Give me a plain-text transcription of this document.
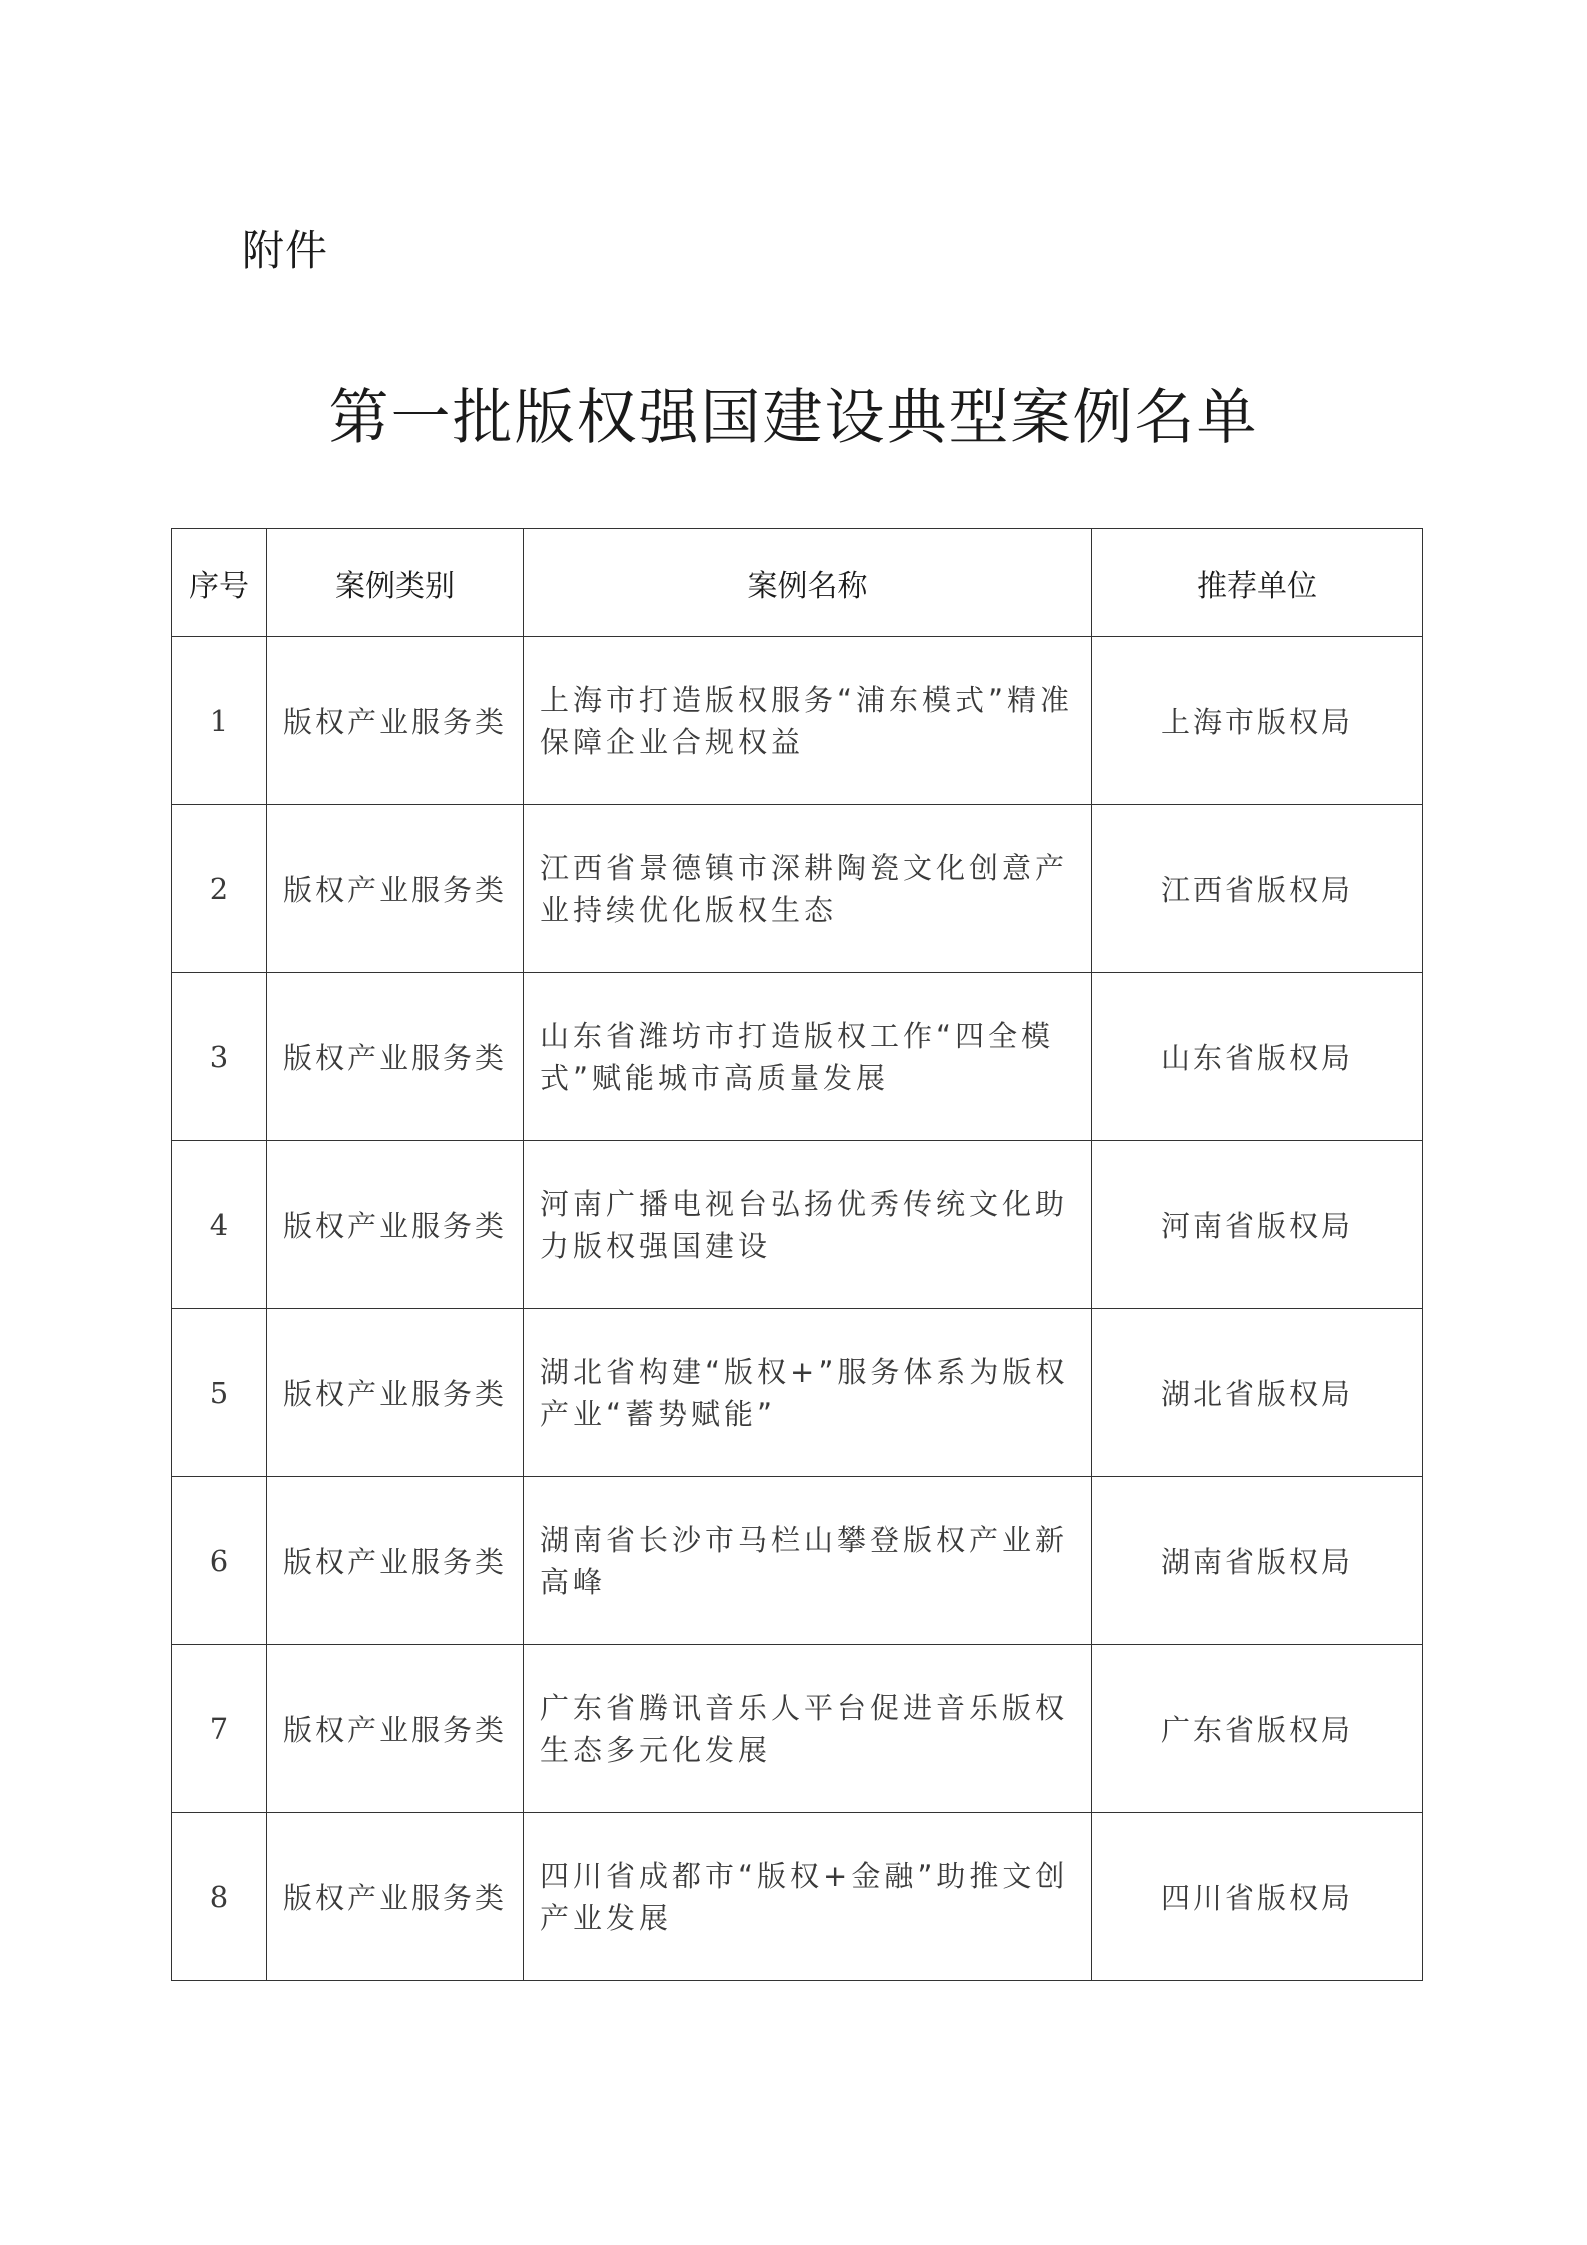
附件
第一批版权强国建设典型案例名单
序号	案例类别	案例名称	推荐单位
1	版权产业服务类	上海市打造版权服务“浦东模式”精准保障企业合规权益	上海市版权局
2	版权产业服务类	江西省景德镇市深耕陶瓷文化创意产业持续优化版权生态	江西省版权局
3	版权产业服务类	山东省潍坊市打造版权工作“四全模式”赋能城市高质量发展	山东省版权局
4	版权产业服务类	河南广播电视台弘扬优秀传统文化助力版权强国建设	河南省版权局
5	版权产业服务类	湖北省构建“版权+”服务体系为版权产业“蓄势赋能”	湖北省版权局
6	版权产业服务类	湖南省长沙市马栏山攀登版权产业新高峰	湖南省版权局
7	版权产业服务类	广东省腾讯音乐人平台促进音乐版权生态多元化发展	广东省版权局
8	版权产业服务类	四川省成都市“版权+金融”助推文创产业发展	四川省版权局
